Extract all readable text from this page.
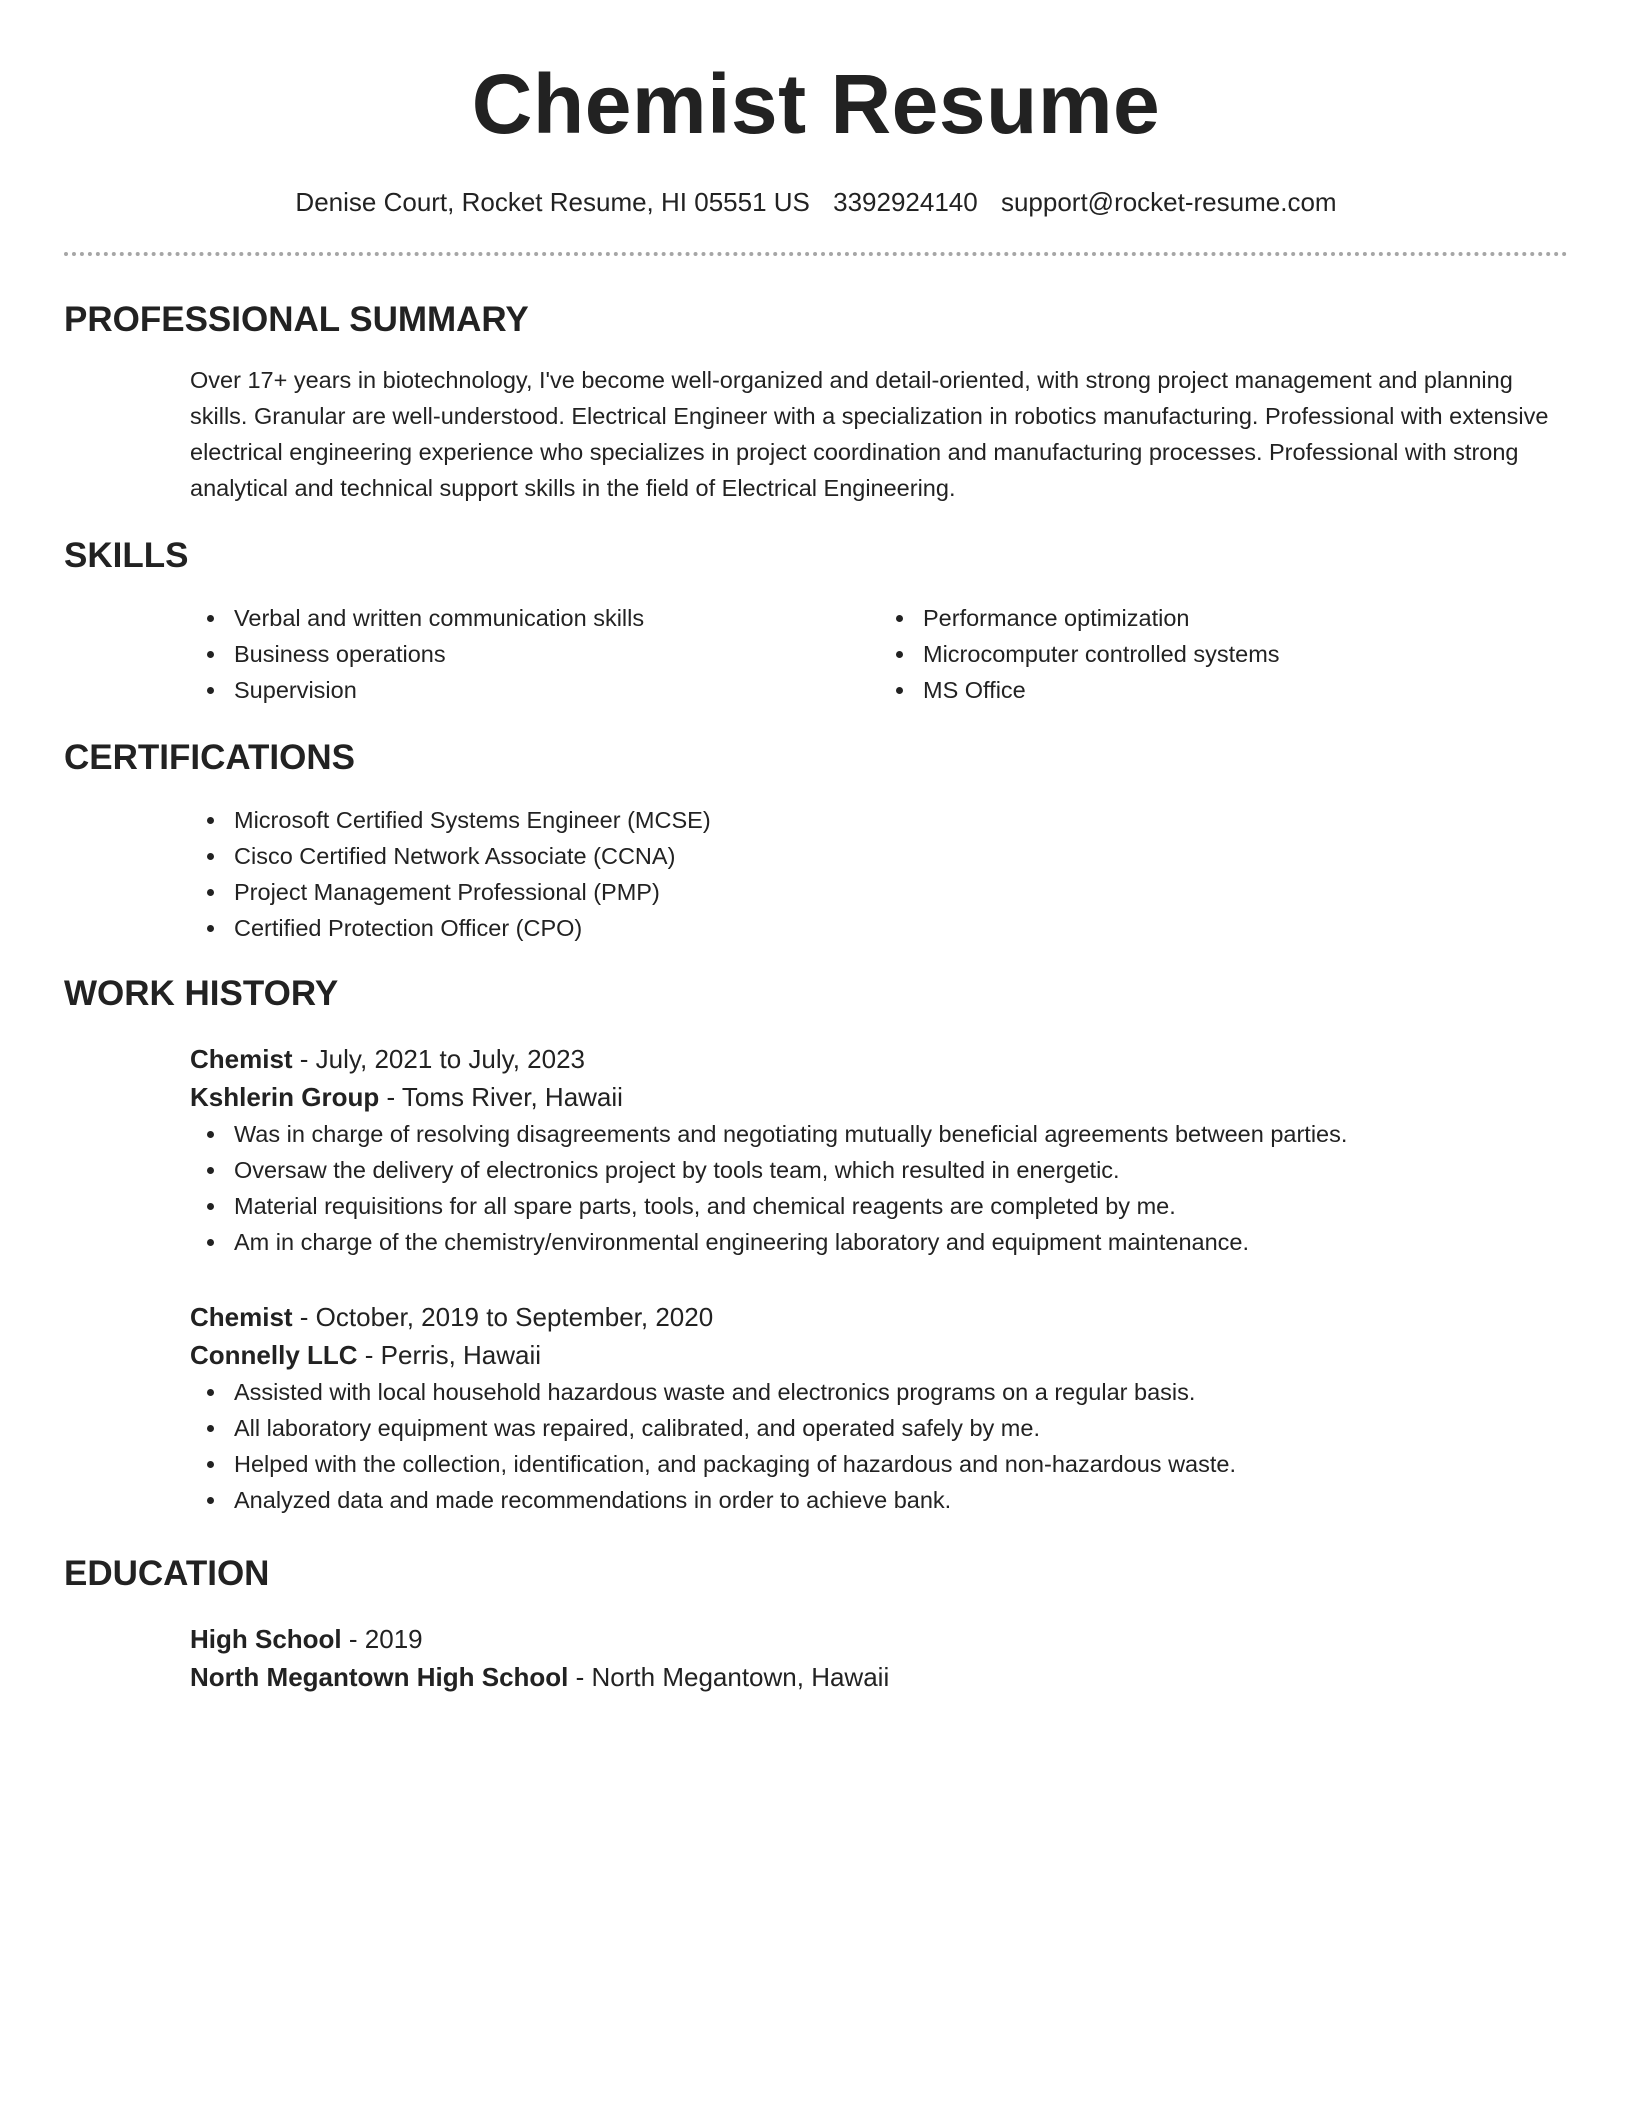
Chemist Resume
Denise Court, Rocket Resume, HI 05551 US 3392924140 support@rocket-resume.com
PROFESSIONAL SUMMARY
Over 17+ years in biotechnology, I've become well-organized and detail-oriented, with strong project management and planning skills. Granular are well-understood. Electrical Engineer with a specialization in robotics manufacturing. Professional with extensive electrical engineering experience who specializes in project coordination and manufacturing processes. Professional with strong analytical and technical support skills in the field of Electrical Engineering.
SKILLS
Verbal and written communication skills
Business operations
Supervision
Performance optimization
Microcomputer controlled systems
MS Office
CERTIFICATIONS
Microsoft Certified Systems Engineer (MCSE)
Cisco Certified Network Associate (CCNA)
Project Management Professional (PMP)
Certified Protection Officer (CPO)
WORK HISTORY
Chemist - July, 2021 to July, 2023
Kshlerin Group - Toms River, Hawaii
Was in charge of resolving disagreements and negotiating mutually beneficial agreements between parties.
Oversaw the delivery of electronics project by tools team, which resulted in energetic.
Material requisitions for all spare parts, tools, and chemical reagents are completed by me.
Am in charge of the chemistry/environmental engineering laboratory and equipment maintenance.
Chemist - October, 2019 to September, 2020
Connelly LLC - Perris, Hawaii
Assisted with local household hazardous waste and electronics programs on a regular basis.
All laboratory equipment was repaired, calibrated, and operated safely by me.
Helped with the collection, identification, and packaging of hazardous and non-hazardous waste.
Analyzed data and made recommendations in order to achieve bank.
EDUCATION
High School - 2019
North Megantown High School - North Megantown, Hawaii
